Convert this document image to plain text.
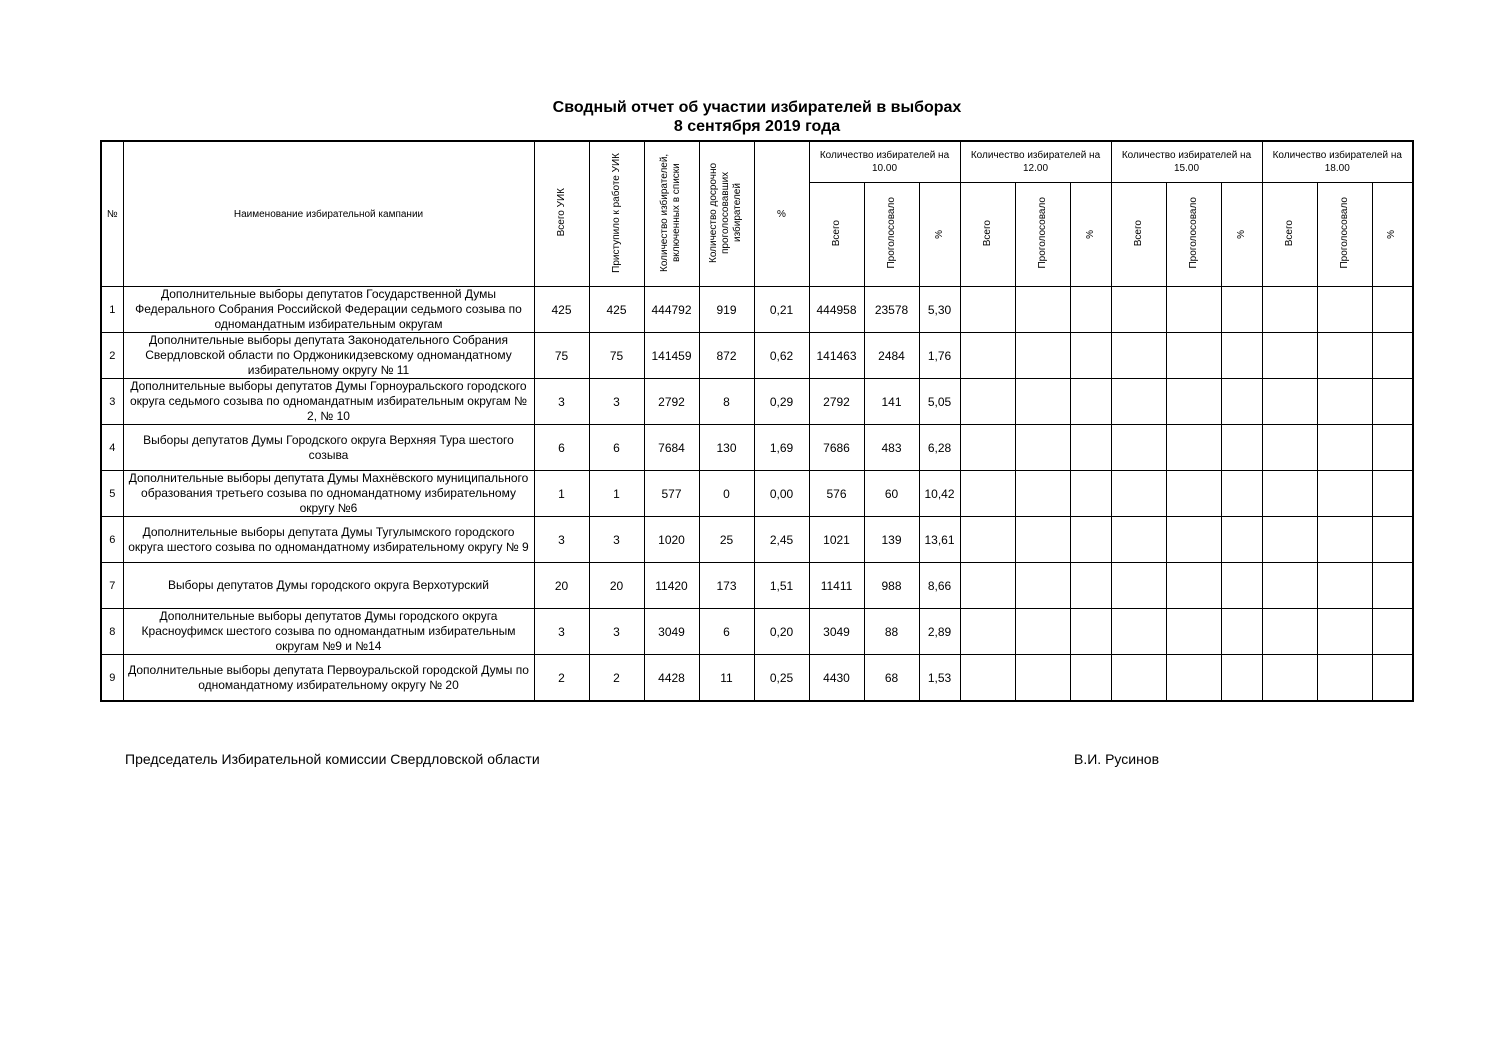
Сводный отчет об участии избирателей в выборах
8 сентября 2019 года
№	Наименование избирательной кампании	Всего УИК	Приступило к работе УИК	Количество избирателей, включенных в списки	Количество досрочно проголосовавших избирателей	%	Количество избирателей на 10.00			Количество избирателей на 12.00			Количество избирателей на 15.00			Количество избирателей на 18.00		
							Всего	Проголосовало	%	Всего	Проголосовало	%	Всего	Проголосовало	%	Всего	Проголосовало	%
1	Дополнительные выборы депутатов Государственной Думы Федерального Собрания Российской Федерации седьмого созыва по одномандатным избирательным округам	425	425	444792	919	0,21	444958	23578	5,30									
2	Дополнительные выборы депутата Законодательного Собрания Свердловской области по Орджоникидзевскому одномандатному избирательному округу № 11	75	75	141459	872	0,62	141463	2484	1,76									
3	Дополнительные выборы депутатов Думы Горноуральского городского округа седьмого созыва по одномандатным избирательным округам № 2, № 10	3	3	2792	8	0,29	2792	141	5,05									
4	Выборы депутатов Думы Городского округа Верхняя Тура шестого созыва	6	6	7684	130	1,69	7686	483	6,28									
5	Дополнительные выборы депутата Думы Махнёвского муниципального образования третьего созыва по одномандатному избирательному округу №6	1	1	577	0	0,00	576	60	10,42									
6	Дополнительные выборы депутата Думы Тугулымского городского округа шестого созыва по одномандатному избирательному округу № 9	3	3	1020	25	2,45	1021	139	13,61									
7	Выборы депутатов Думы городского округа Верхотурский	20	20	11420	173	1,51	11411	988	8,66									
8	Дополнительные выборы депутатов Думы городского округа Красноуфимск шестого созыва по одномандатным избирательным округам №9 и №14	3	3	3049	6	0,20	3049	88	2,89									
9	Дополнительные выборы депутата Первоуральской городской Думы по одномандатному избирательному округу № 20	2	2	4428	11	0,25	4430	68	1,53									
Председатель Избирательной комиссии Свердловской области	В.И. Русинов
